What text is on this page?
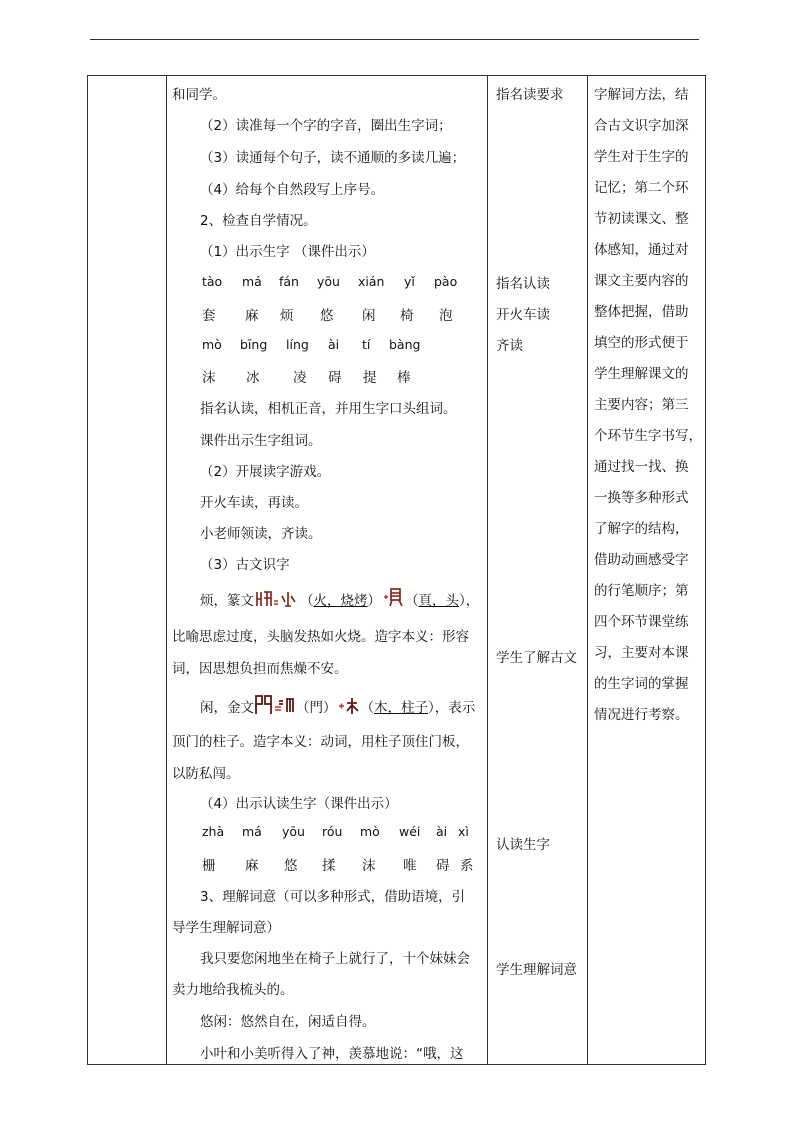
和同学。
（2）读准每一个字的字音，圈出生字词；
（3）读通每个句子，读不通顺的多读几遍；
（4）给每个自然段写上序号。
2、检查自学情况。
（1）出示生字 （课件出示）
tào má fán yōu xián yǐ pào
套 麻 烦 悠 闲 椅 泡
mò bīng líng ài tí bàng
沫 冰 凌 碍 提 棒
指名认读，相机正音，并用生字口头组词。
课件出示生字组词。
（2）开展读字游戏。
开火车读，再读。
小老师领读，齐读。
（3）古文识字
烦，篆文	（火，烧烤） （頁，头），
比喻思虑过度，头脑发热如火烧。造字本义：形容
词，因思想负担而焦燥不安。
闲，金文	（門） （木，柱子），表示
顶门的柱子。造字本义：动词，用柱子顶住门板，
以防私闯。
（4）出示认读生字（课件出示）
zhà má yōu róu mò wéi ài xì
栅 麻 悠 揉 沫 唯 碍 系
3、理解词意（可以多种形式，借助语境，引
导学生理解词意）
我只要您闲地坐在椅子上就行了，十个妹妹会
卖力地给我梳头的。
悠闲：悠然自在，闲适自得。
小叶和小美听得入了神，羡慕地说：“哦，这
指名读要求
指名认读
开火车读
齐读
学生了解古文
认读生字
学生理解词意
字解词方法，结
合古文识字加深
学生对于生字的
记忆；第二个环
节初读课文、整
体感知，通过对
课文主要内容的
整体把握，借助
填空的形式便于
学生理解课文的
主要内容；第三
个环节生字书写，
通过找一找、换
一换等多种形式
了解字的结构，
借助动画感受字
的行笔顺序；第
四个环节课堂练
习，主要对本课
的生字词的掌握
情况进行考察。
